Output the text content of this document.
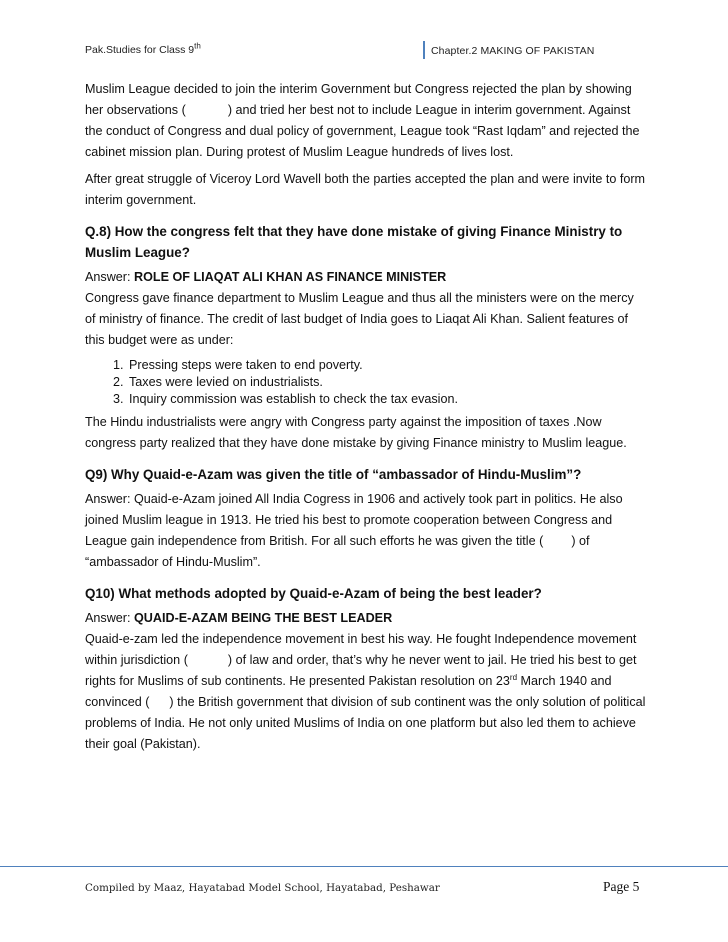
Pak.Studies for Class 9th	Chapter.2 MAKING OF PAKISTAN

Muslim League decided to join the interim Government but Congress rejected the plan by showing her observations (	) and tried her best not to include League in interim government. Against the conduct of Congress and dual policy of government, League took “Rast Iqdam” and rejected the cabinet mission plan. During protest of Muslim League hundreds of lives lost.

After great struggle of Viceroy Lord Wavell both the parties accepted the plan and were invite to form interim government.

Q.8) How the congress felt that they have done mistake of giving Finance Ministry to Muslim League?
Answer: ROLE OF LIAQAT ALI KHAN AS FINANCE MINISTER

Congress gave finance department to Muslim League and thus all the ministers were on the mercy of ministry of finance. The credit of last budget of India goes to Liaqat Ali Khan. Salient features of this budget were as under:

1. Pressing steps were taken to end poverty.
2. Taxes were levied on industrialists.
3. Inquiry commission was establish to check the tax evasion.

The Hindu industrialists were angry with Congress party against the imposition of taxes .Now congress party realized that they have done mistake by giving Finance ministry to Muslim league.

Q9) Why Quaid-e-Azam was given the title of “ambassador of Hindu-Muslim”?

Answer: Quaid-e-Azam joined All India Cogress in 1906 and actively took part in politics. He also joined Muslim league in 1913. He tried his best to promote cooperation between Congress and League gain independence from British. For all such efforts he was given the title ( ) of “ambassador of Hindu-Muslim”.

Q10) What methods adopted by Quaid-e-Azam of being the best leader?
Answer: QUAID-E-AZAM BEING THE BEST LEADER

Quaid-e-zam led the independence movement in best his way. He fought Independence movement within jurisdiction (	) of law and order, that’s why he never went to jail. He tried his best to get rights for Muslims of sub continents. He presented Pakistan resolution on 23rd March 1940 and convinced ( ) the British government that division of sub continent was the only solution of political problems of India. He not only united Muslims of India on one platform but also led them to achieve their goal (Pakistan).

Compiled by Maaz, Hayatabad Model School, Hayatabad, Peshawar	Page 5
